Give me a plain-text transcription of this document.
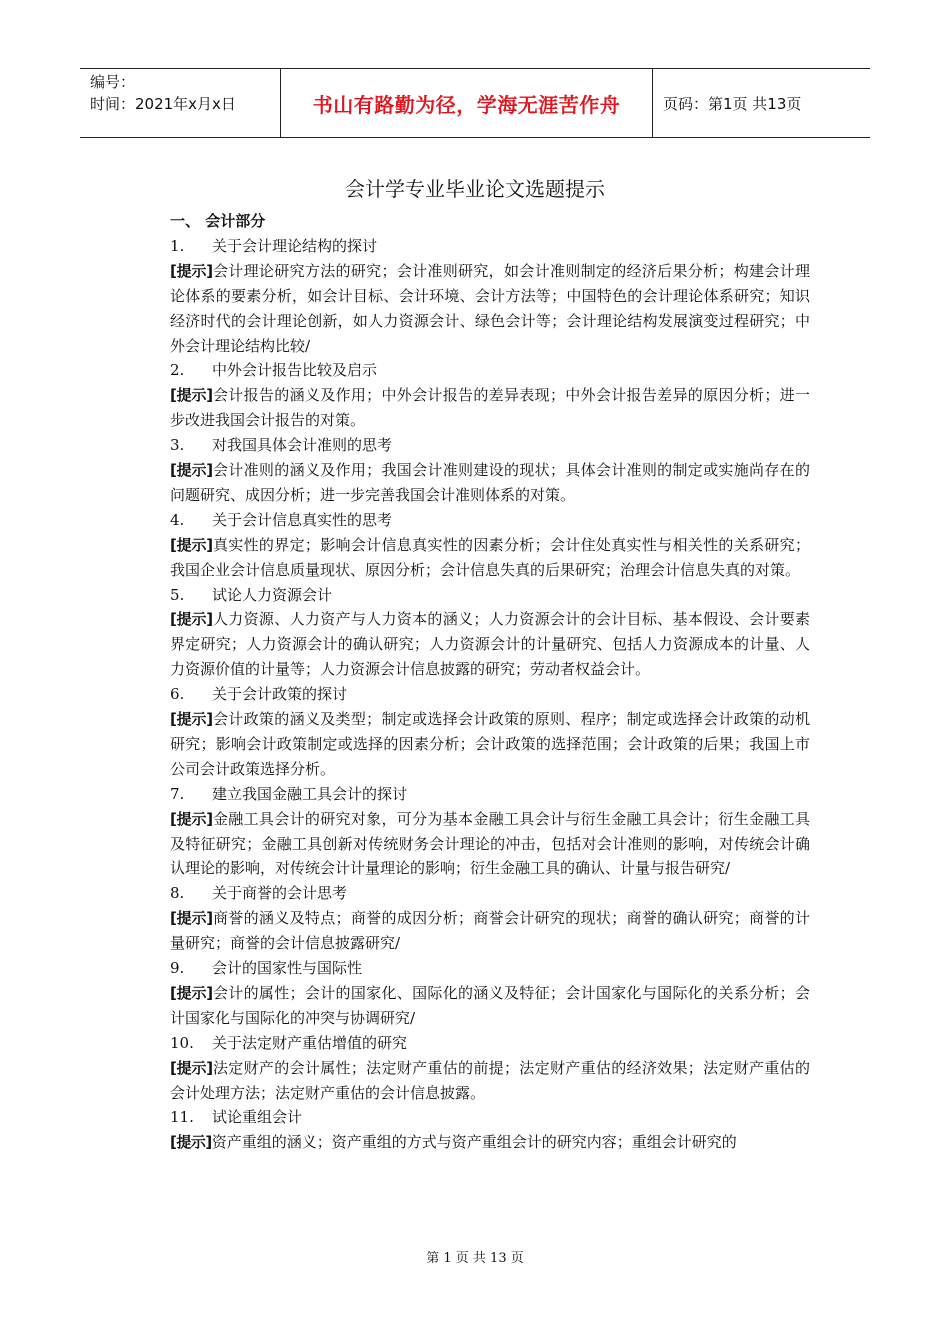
编号：
时间：2021年x月x日	书山有路勤为径，学海无涯苦作舟	页码：第1页 共13页
会计学专业毕业论文选题提示
一、 会计部分
1. 关于会计理论结构的探讨
[提示]会计理论研究方法的研究；会计准则研究，如会计准则制定的经济后果分析；构建会计理论体系的要素分析，如会计目标、会计环境、会计方法等；中国特色的会计理论体系研究；知识经济时代的会计理论创新，如人力资源会计、绿色会计等；会计理论结构发展演变过程研究；中外会计理论结构比较/
2. 中外会计报告比较及启示
[提示]会计报告的涵义及作用；中外会计报告的差异表现；中外会计报告差异的原因分析；进一步改进我国会计报告的对策。
3. 对我国具体会计准则的思考
[提示]会计准则的涵义及作用；我国会计准则建设的现状；具体会计准则的制定或实施尚存在的问题研究、成因分析；进一步完善我国会计准则体系的对策。
4. 关于会计信息真实性的思考
[提示]真实性的界定；影响会计信息真实性的因素分析；会计住处真实性与相关性的关系研究；我国企业会计信息质量现状、原因分析；会计信息失真的后果研究；治理会计信息失真的对策。
5. 试论人力资源会计
[提示]人力资源、人力资产与人力资本的涵义；人力资源会计的会计目标、基本假设、会计要素界定研究；人力资源会计的确认研究；人力资源会计的计量研究、包括人力资源成本的计量、人力资源价值的计量等；人力资源会计信息披露的研究；劳动者权益会计。
6. 关于会计政策的探讨
[提示]会计政策的涵义及类型；制定或选择会计政策的原则、程序；制定或选择会计政策的动机研究；影响会计政策制定或选择的因素分析；会计政策的选择范围；会计政策的后果；我国上市公司会计政策选择分析。
7. 建立我国金融工具会计的探讨
[提示]金融工具会计的研究对象，可分为基本金融工具会计与衍生金融工具会计；衍生金融工具及特征研究；金融工具创新对传统财务会计理论的冲击，包括对会计准则的影响，对传统会计确认理论的影响，对传统会计计量理论的影响；衍生金融工具的确认、计量与报告研究/
8. 关于商誉的会计思考
[提示]商誉的涵义及特点；商誉的成因分析；商誉会计研究的现状；商誉的确认研究；商誉的计量研究；商誉的会计信息披露研究/
9. 会计的国家性与国际性
[提示]会计的属性；会计的国家化、国际化的涵义及特征；会计国家化与国际化的关系分析；会计国家化与国际化的冲突与协调研究/
10. 关于法定财产重估增值的研究
[提示]法定财产的会计属性；法定财产重估的前提；法定财产重估的经济效果；法定财产重估的会计处理方法；法定财产重估的会计信息披露。
11. 试论重组会计
[提示]资产重组的涵义；资产重组的方式与资产重组会计的研究内容；重组会计研究的
第 1 页 共 13 页
